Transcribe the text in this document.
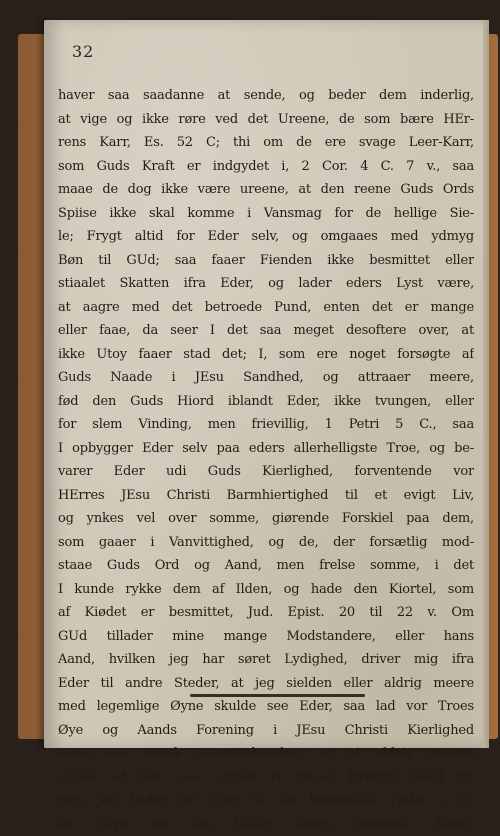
32
haver saa saadanne at sende, og beder dem inderlig,
at vige og ikke røre ved det Ureene, de som bære HEr-
rens Karr, Es. 52 C; thi om de ere svage Leer-Karr,
som Guds Kraft er indgydet i, 2 Cor. 4 C. 7 v., saa
maae de dog ikke være ureene, at den reene Guds Ords
Spiise ikke skal komme i Vansmag for de hellige Sie-
le; Frygt altid for Eder selv, og omgaaes med ydmyg
Bøn til GUd; saa faaer Fienden ikke besmittet eller
stiaalet Skatten ifra Eder, og lader eders Lyst være,
at aagre med det betroede Pund, enten det er mange
eller faae, da seer I det saa meget desoftere over, at
ikke Utoy faaer stad det; I, som ere noget forsøgte af
Guds Naade i JEsu Sandhed, og attraaer meere,
fød den Guds Hiord iblandt Eder, ikke tvungen, eller
for slem Vinding, men frievillig, 1 Petri 5 C., saa
I opbygger Eder selv paa eders allerhelligste Troe, og be-
varer Eder udi Guds Kierlighed, forventende vor
HErres JEsu Christi Barmhiertighed til et evigt Liv,
og ynkes vel over somme, giørende Forskiel paa dem,
som gaaer i Vanvittighed, og de, der forsætlig mod-
staae Guds Ord og Aand, men frelse somme, i det
I kunde rykke dem af Ilden, og hade den Kiortel, som
af Kiødet er besmittet, Jud. Epist. 20 til 22 v. Om
GUd tillader mine mange Modstandere, eller hans
Aand, hvilken jeg har søret Lydighed, driver mig ifra
Eder til andre Steder, at jeg sielden eller aldrig meere
med legemlige Øyne skulde see Eder, saa lad vor Troes
Øye og Aands Forening i JEsu Christi Kierlighed
være saa stærk sammenbunden, at vi aldrig maatte
skilles ad her; saa samles vi hisset. Brødre! beed for
mig, jeg beder for Eder til vor himmelske Fader i JE-
su Navn om den Hellig Aands Biestand. Amen.
